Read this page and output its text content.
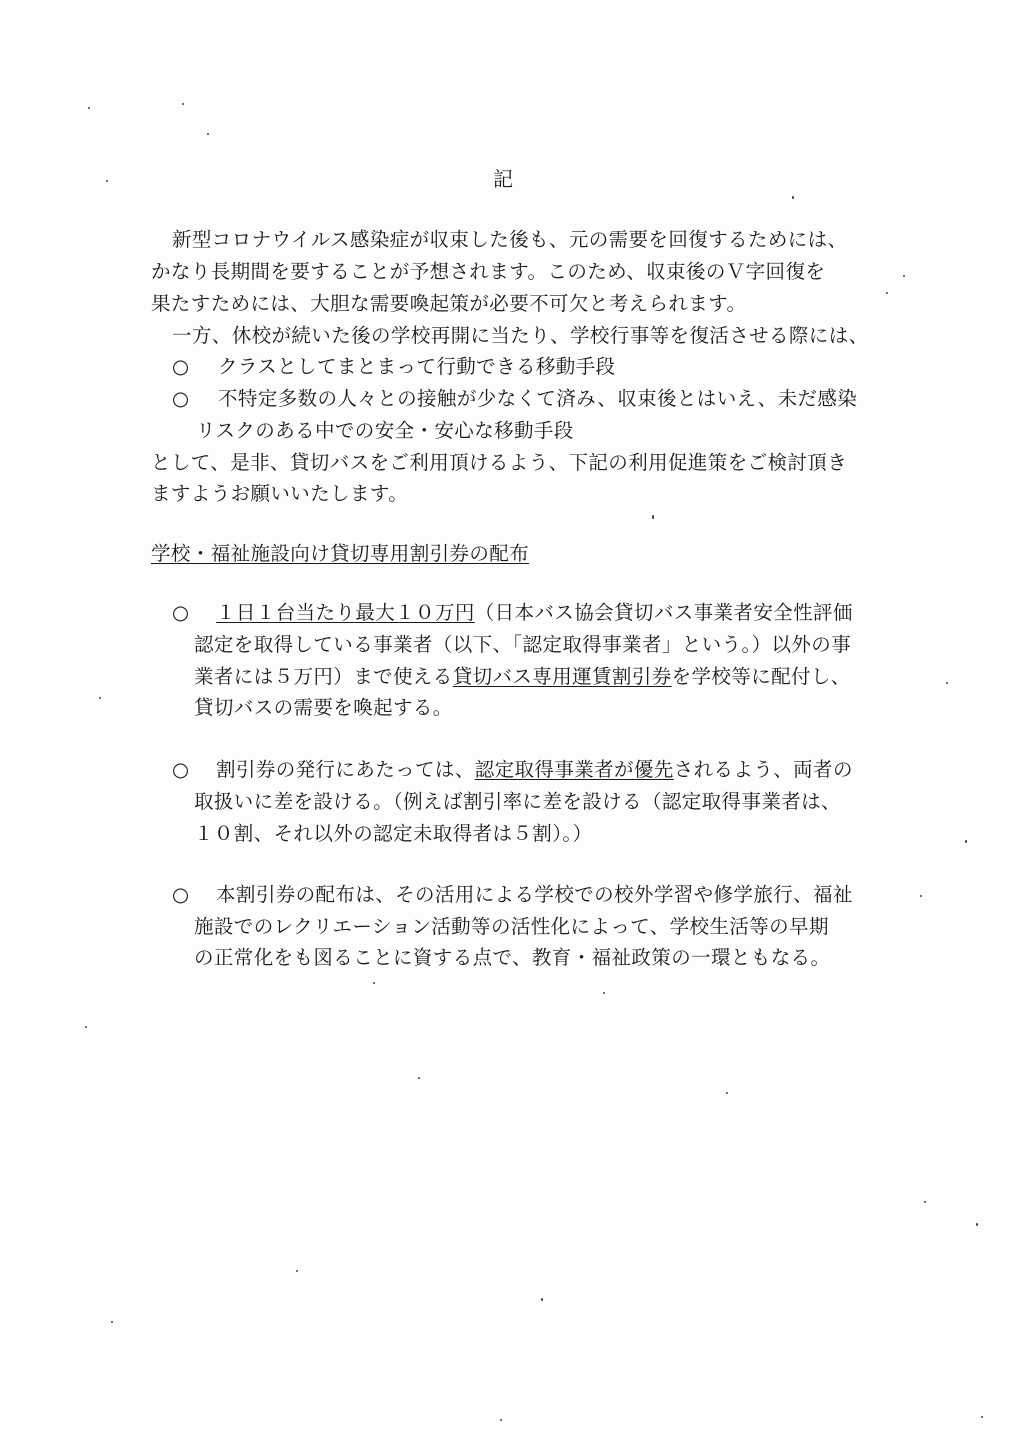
記
新型コロナウイルス感染症が収束した後も、元の需要を回復するためには、
かなり長期間を要することが予想されます。このため、収束後のＶ字回復を
果たすためには、大胆な需要喚起策が必要不可欠と考えられます。
一方、休校が続いた後の学校再開に当たり、学校行事等を復活させる際には、
○ クラスとしてまとまって行動できる移動手段
○ 不特定多数の人々との接触が少なくて済み、収束後とはいえ、未だ感染
リスクのある中での安全・安心な移動手段
として、是非、貸切バスをご利用頂けるよう、下記の利用促進策をご検討頂き
ますようお願いいたします。
学校・福祉施設向け貸切専用割引券の配布
○ １日１台当たり最大１０万円（日本バス協会貸切バス事業者安全性評価
認定を取得している事業者（以下、「認定取得事業者」という。）以外の事
業者には５万円）まで使える貸切バス専用運賃割引券を学校等に配付し、
貸切バスの需要を喚起する。
○ 割引券の発行にあたっては、認定取得事業者が優先されるよう、両者の
取扱いに差を設ける。（例えば割引率に差を設ける（認定取得事業者は、
１０割、それ以外の認定未取得者は５割）。）
○ 本割引券の配布は、その活用による学校での校外学習や修学旅行、福祉
施設でのレクリエーション活動等の活性化によって、学校生活等の早期
の正常化をも図ることに資する点で、教育・福祉政策の一環ともなる。
